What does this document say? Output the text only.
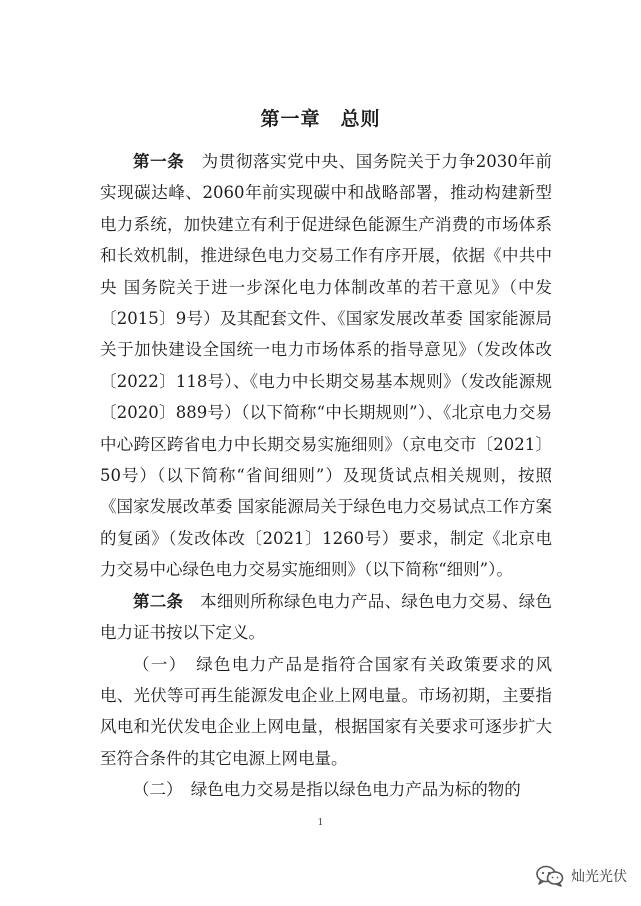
第一章　总则

第一条　 为贯彻落实党中央、国务院关于力争2030年前实现碳达峰、2060年前实现碳中和战略部署，推动构建新型电力系统，加快建立有利于促进绿色能源生产消费的市场体系和长效机制，推进绿色电力交易工作有序开展，依据《中共中央 国务院关于进一步深化电力体制改革的若干意见》（中发〔2015〕9号）及其配套文件、《国家发展改革委 国家能源局关于加快建设全国统一电力市场体系的指导意见》（发改体改〔2022〕118号）、《电力中长期交易基本规则》（发改能源规〔2020〕889号）（以下简称“中长期规则”）、《北京电力交易中心跨区跨省电力中长期交易实施细则》（京电交市〔2021〕50号）（以下简称“省间细则”）及现货试点相关规则，按照《国家发展改革委 国家能源局关于绿色电力交易试点工作方案的复函》（发改体改〔2021〕1260号）要求，制定《北京电力交易中心绿色电力交易实施细则》（以下简称“细则”）。

第二条　 本细则所称绿色电力产品、绿色电力交易、绿色电力证书按以下定义。

（一）　 绿色电力产品是指符合国家有关政策要求的风电、光伏等可再生能源发电企业上网电量。市场初期，主要指风电和光伏发电企业上网电量，根据国家有关要求可逐步扩大至符合条件的其它电源上网电量。

（二）　 绿色电力交易是指以绿色电力产品为标的物的

1
灿光光伏
